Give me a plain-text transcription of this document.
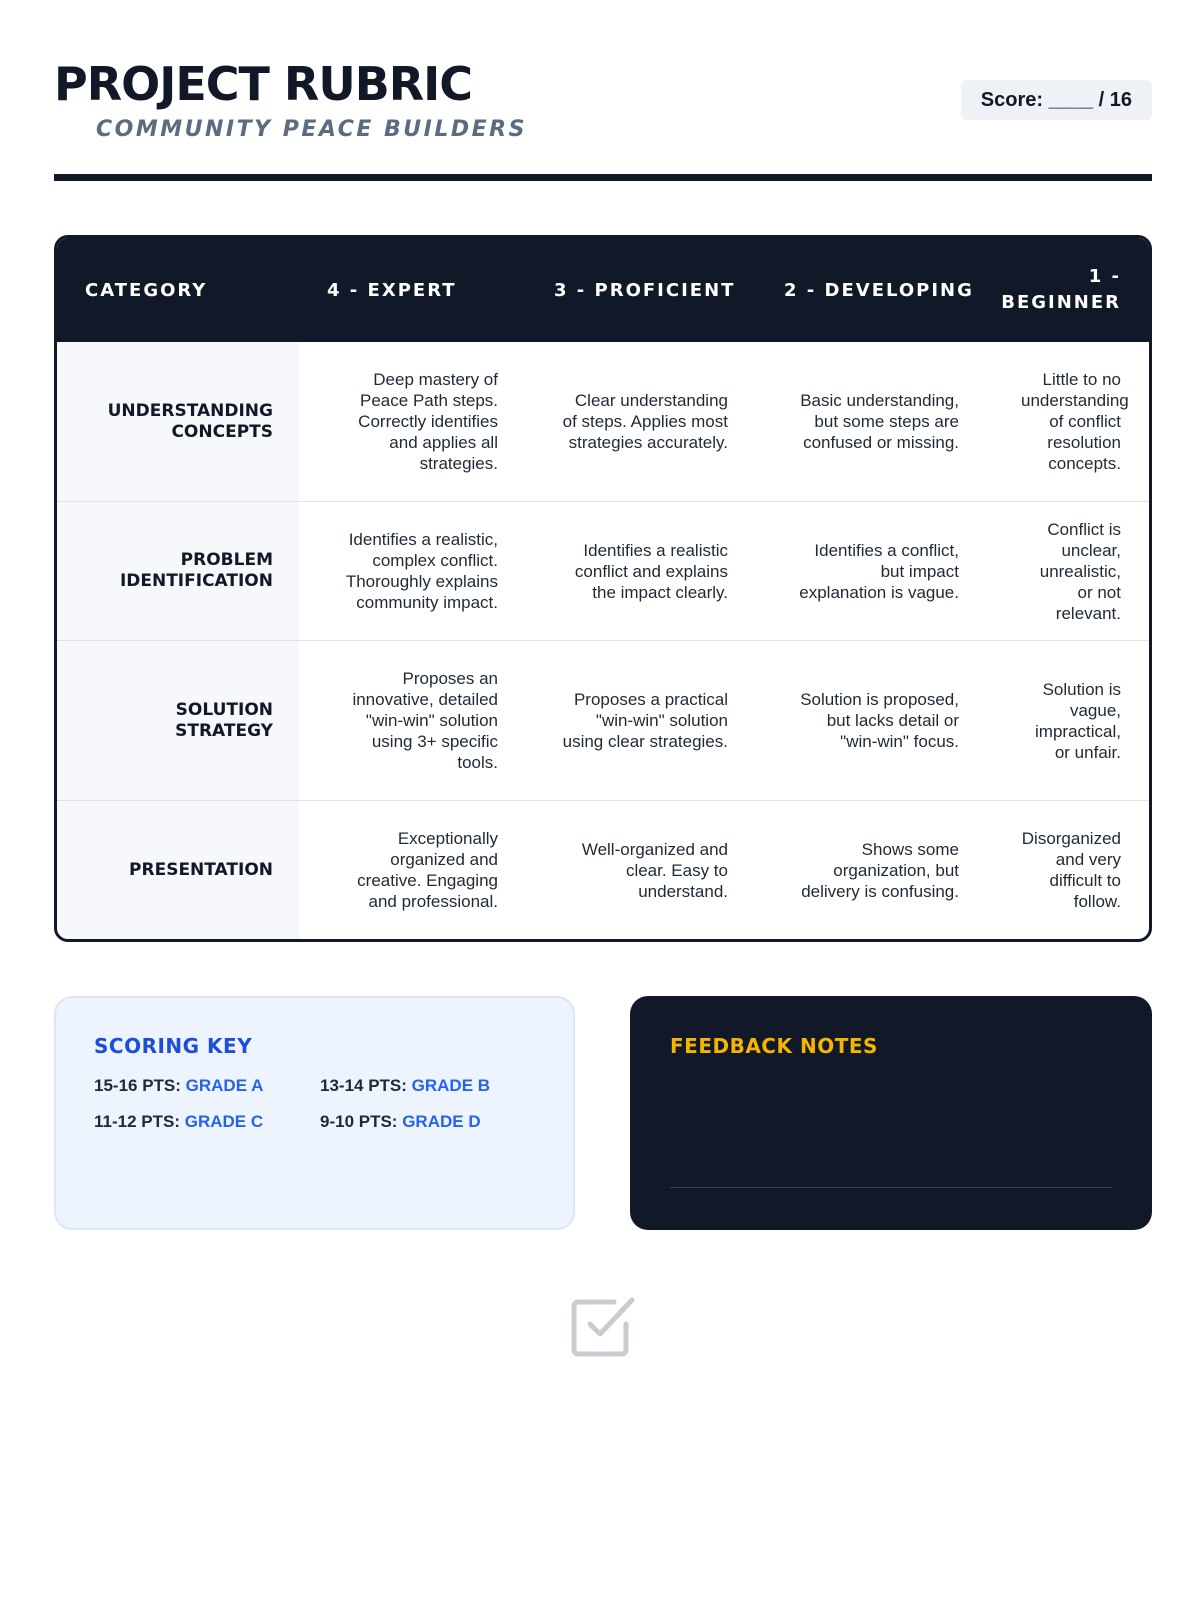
PROJECT RUBRIC
COMMUNITY PEACE BUILDERS
Score: ____ / 16
CATEGORY	4 - EXPERT	3 - PROFICIENT	2 - DEVELOPING	1 - BEGINNER
UNDERSTANDING CONCEPTS	Deep mastery of Peace Path steps. Correctly identifies and applies all strategies.	Clear understanding of steps. Applies most strategies accurately.	Basic understanding, but some steps are confused or missing.	Little to no understanding of conflict resolution concepts.
PROBLEM IDENTIFICATION	Identifies a realistic, complex conflict. Thoroughly explains community impact.	Identifies a realistic conflict and explains the impact clearly.	Identifies a conflict, but impact explanation is vague.	Conflict is unclear, unrealistic, or not relevant.
SOLUTION STRATEGY	Proposes an innovative, detailed "win-win" solution using 3+ specific tools.	Proposes a practical "win-win" solution using clear strategies.	Solution is proposed, but lacks detail or "win-win" focus.	Solution is vague, impractical, or unfair.
PRESENTATION	Exceptionally organized and creative. Engaging and professional.	Well-organized and clear. Easy to understand.	Shows some organization, but delivery is confusing.	Disorganized and very difficult to follow.
SCORING KEY
15-16 PTS: GRADE A	13-14 PTS: GRADE B
11-12 PTS: GRADE C	9-10 PTS: GRADE D
FEEDBACK NOTES
